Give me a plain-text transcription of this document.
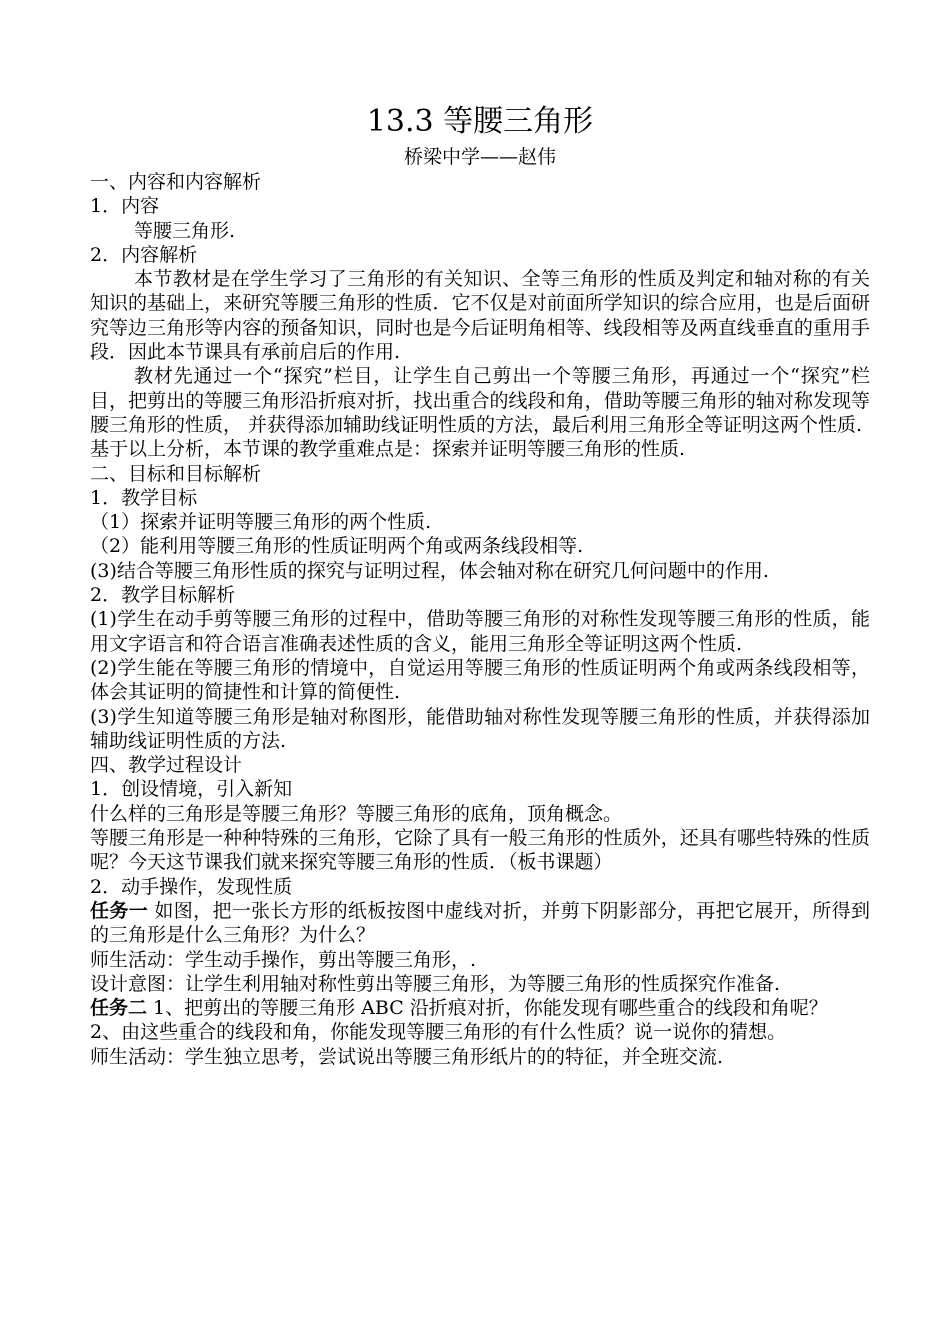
13.3 等腰三角形

桥梁中学——赵伟

一、内容和内容解析

1．内容

等腰三角形.

2．内容解析

本节教材是在学生学习了三角形的有关知识、全等三角形的性质及判定和轴对称的有关知识的基础上，来研究等腰三角形的性质．它不仅是对前面所学知识的综合应用，也是后面研究等边三角形等内容的预备知识，同时也是今后证明角相等、线段相等及两直线垂直的重用手段．因此本节课具有承前启后的作用.

教材先通过一个“探究”栏目，让学生自己剪出一个等腰三角形，再通过一个“探究”栏目，把剪出的等腰三角形沿折痕对折，找出重合的线段和角，借助等腰三角形的轴对称发现等腰三角形的性质， 并获得添加辅助线证明性质的方法，最后利用三角形全等证明这两个性质.

基于以上分析，本节课的教学重难点是：探索并证明等腰三角形的性质.

二、目标和目标解析

1．教学目标

（1）探索并证明等腰三角形的两个性质.

（2）能利用等腰三角形的性质证明两个角或两条线段相等.

(3)结合等腰三角形性质的探究与证明过程，体会轴对称在研究几何问题中的作用.

2．教学目标解析

(1)学生在动手剪等腰三角形的过程中，借助等腰三角形的对称性发现等腰三角形的性质，能用文字语言和符合语言准确表述性质的含义，能用三角形全等证明这两个性质.

(2)学生能在等腰三角形的情境中，自觉运用等腰三角形的性质证明两个角或两条线段相等， 体会其证明的简捷性和计算的简便性.

(3)学生知道等腰三角形是轴对称图形，能借助轴对称性发现等腰三角形的性质，并获得添加辅助线证明性质的方法.

四、教学过程设计

1．创设情境，引入新知

什么样的三角形是等腰三角形？等腰三角形的底角，顶角概念。

等腰三角形是一种种特殊的三角形，它除了具有一般三角形的性质外，还具有哪些特殊的性质呢？今天这节课我们就来探究等腰三角形的性质．（板书课题）

2．动手操作，发现性质

任务一 如图，把一张长方形的纸板按图中虚线对折，并剪下阴影部分，再把它展开，所得到的三角形是什么三角形？为什么？

师生活动：学生动手操作，剪出等腰三角形，.

设计意图：让学生利用轴对称性剪出等腰三角形，为等腰三角形的性质探究作准备.

任务二 1、把剪出的等腰三角形 ABC 沿折痕对折，你能发现有哪些重合的线段和角呢？

2、由这些重合的线段和角，你能发现等腰三角形的有什么性质？说一说你的猜想。

师生活动：学生独立思考，尝试说出等腰三角形纸片的的特征，并全班交流.
